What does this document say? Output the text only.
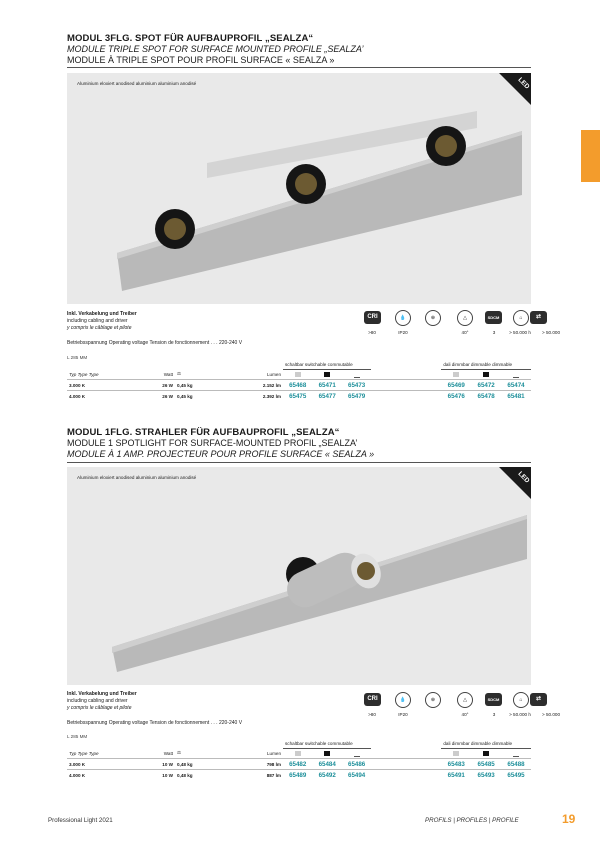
MODUL 3FLG. SPOT FÜR AUFBAUPROFIL „SEALZA“
MODULE TRIPLE SPOT FOR SURFACE MOUNTED PROFILE „SEALZA’
MODULE À TRIPLE SPOT POUR PROFIL SURFACE « SEALZA »
Aluminium eloxiert anodised aluminium aluminium anodisé	LED
Inkl. Verkabelung und Treiber
including cabling and driver
y compris le câblage et pilote
Betriebsspannung Operating voltage Tension de fonctionnement . . . 220-240 V
CRI	💧	⊕	△	SDCM	⌂	⇄
>80	IP20	40°	3	> 50.000 h	> 50.000
L 285 MM
				schaltbar switchable commutable				dali dimmbar dimmable dimmable		
Typ Type Type	Watt	⚖	Lumen							
3.000 K	26 W	0,45 kg	2.152 lm	65468	65471	65473		65469	65472	65474
4.000 K	26 W	0,45 kg	2.392 lm	65475	65477	65479		65476	65478	65481
MODUL 1FLG. STRAHLER FÜR AUFBAUPROFIL „SEALZA“
MODULE 1 SPOTLIGHT FOR SURFACE-MOUNTED PROFIL „SEALZA’
MODULE À 1 AMP. PROJECTEUR POUR PROFILE SURFACE « SEALZA »
Aluminium eloxiert anodised aluminium aluminium anodisé	LED
Inkl. Verkabelung und Treiber
including cabling and driver
y compris le câblage et pilote
Betriebsspannung Operating voltage Tension de fonctionnement . . . 220-240 V
CRI	💧	⊕	△	SDCM	⌂	⇄
>80	IP20	40°	3	> 50.000 h	> 50.000
L 285 MM
				schaltbar switchable commutable				dali dimmbar dimmable dimmable		
Typ Type Type	Watt	⚖	Lumen							
3.000 K	10 W	0,48 kg	798 lm	65482	65484	65486		65483	65485	65488
4.000 K	10 W	0,48 kg	887 lm	65489	65492	65494		65491	65493	65495
Professional Light 2021	PROFILS | PROFILES | PROFILE	19
